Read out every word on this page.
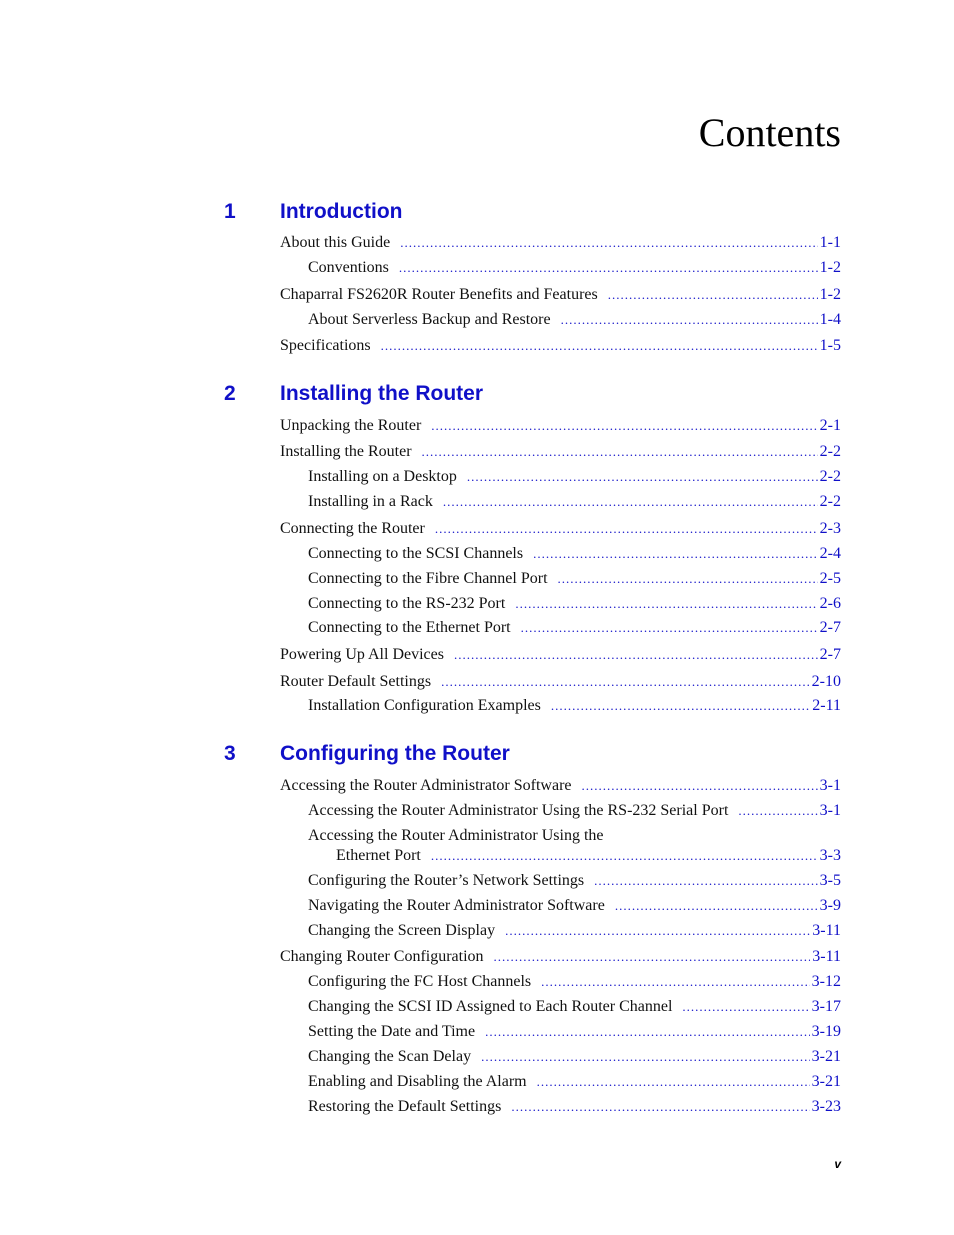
Contents
1 Introduction
About this Guide .....	1-1
Conventions .....	1-2
Chaparral FS2620R Router Benefits and Features .....	1-2
About Serverless Backup and Restore .....	1-4
Specifications .....	1-5
2 Installing the Router
Unpacking the Router .....	2-1
Installing the Router .....	2-2
Installing on a Desktop .....	2-2
Installing in a Rack .....	2-2
Connecting the Router .....	2-3
Connecting to the SCSI Channels .....	2-4
Connecting to the Fibre Channel Port .....	2-5
Connecting to the RS-232 Port .....	2-6
Connecting to the Ethernet Port .....	2-7
Powering Up All Devices .....	2-7
Router Default Settings .....	2-10
Installation Configuration Examples .....	2-11
3 Configuring the Router
Accessing the Router Administrator Software .....	3-1
Accessing the Router Administrator Using the RS-232 Serial Port .....	3-1
Accessing the Router Administrator Using the
Ethernet Port .....	3-3
Configuring the Router’s Network Settings .....	3-5
Navigating the Router Administrator Software .....	3-9
Changing the Screen Display .....	3-11
Changing Router Configuration .....	3-11
Configuring the FC Host Channels .....	3-12
Changing the SCSI ID Assigned to Each Router Channel .....	3-17
Setting the Date and Time .....	3-19
Changing the Scan Delay .....	3-21
Enabling and Disabling the Alarm .....	3-21
Restoring the Default Settings .....	3-23
v
